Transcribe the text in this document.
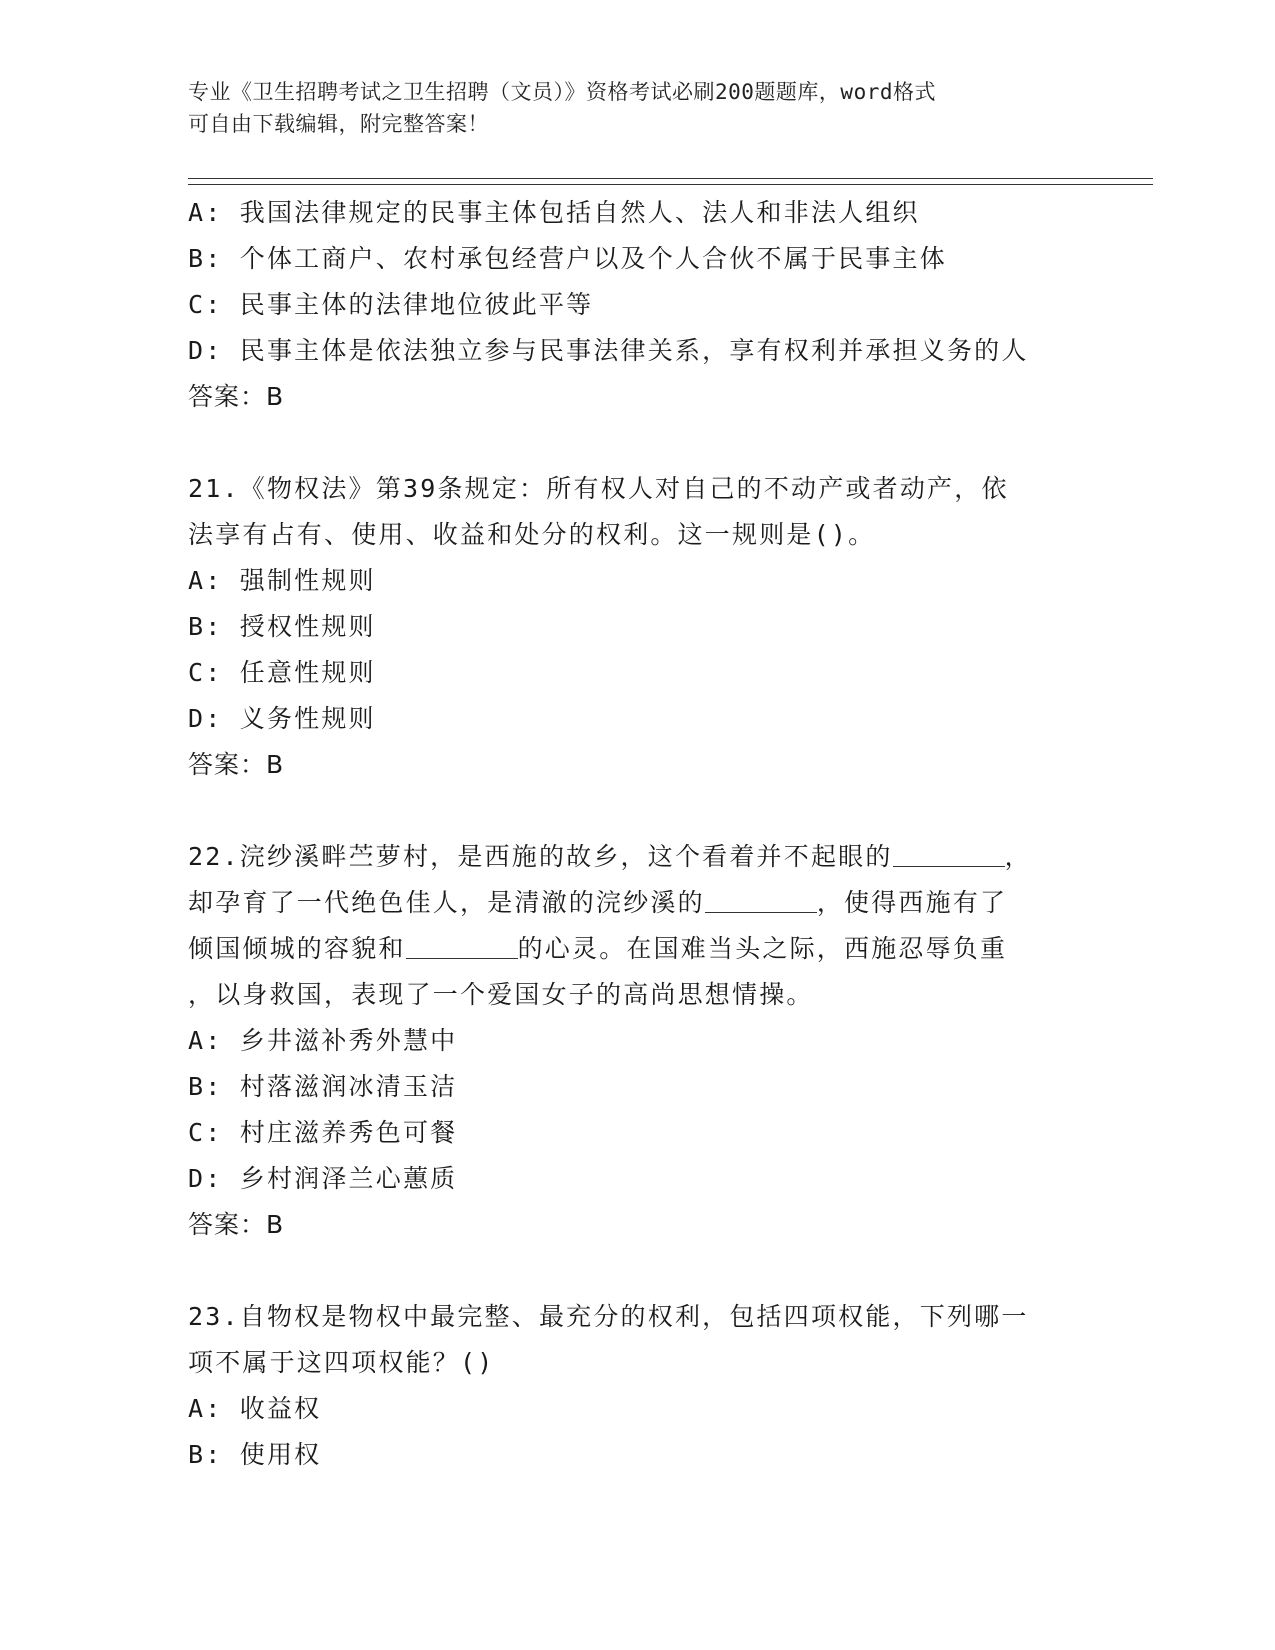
专业《卫生招聘考试之卫生招聘（文员）》资格考试必刷200题题库，word格式
可自由下载编辑，附完整答案！
A: 我国法律规定的民事主体包括自然人、法人和非法人组织
B: 个体工商户、农村承包经营户以及个人合伙不属于民事主体
C: 民事主体的法律地位彼此平等
D: 民事主体是依法独立参与民事法律关系，享有权利并承担义务的人
答案：B
21.《物权法》第39条规定：所有权人对自己的不动产或者动产，依
法享有占有、使用、收益和处分的权利。这一规则是()。
A: 强制性规则
B: 授权性规则
C: 任意性规则
D: 义务性规则
答案：B
22.浣纱溪畔苎萝村，是西施的故乡，这个看着并不起眼的	，
却孕育了一代绝色佳人，是清澈的浣纱溪的	，使得西施有了
倾国倾城的容貌和	的心灵。在国难当头之际，西施忍辱负重
，以身救国，表现了一个爱国女子的高尚思想情操。
A: 乡井滋补秀外慧中
B: 村落滋润冰清玉洁
C: 村庄滋养秀色可餐
D: 乡村润泽兰心蕙质
答案：B
23.自物权是物权中最完整、最充分的权利，包括四项权能，下列哪一
项不属于这四项权能？()
A: 收益权
B: 使用权
